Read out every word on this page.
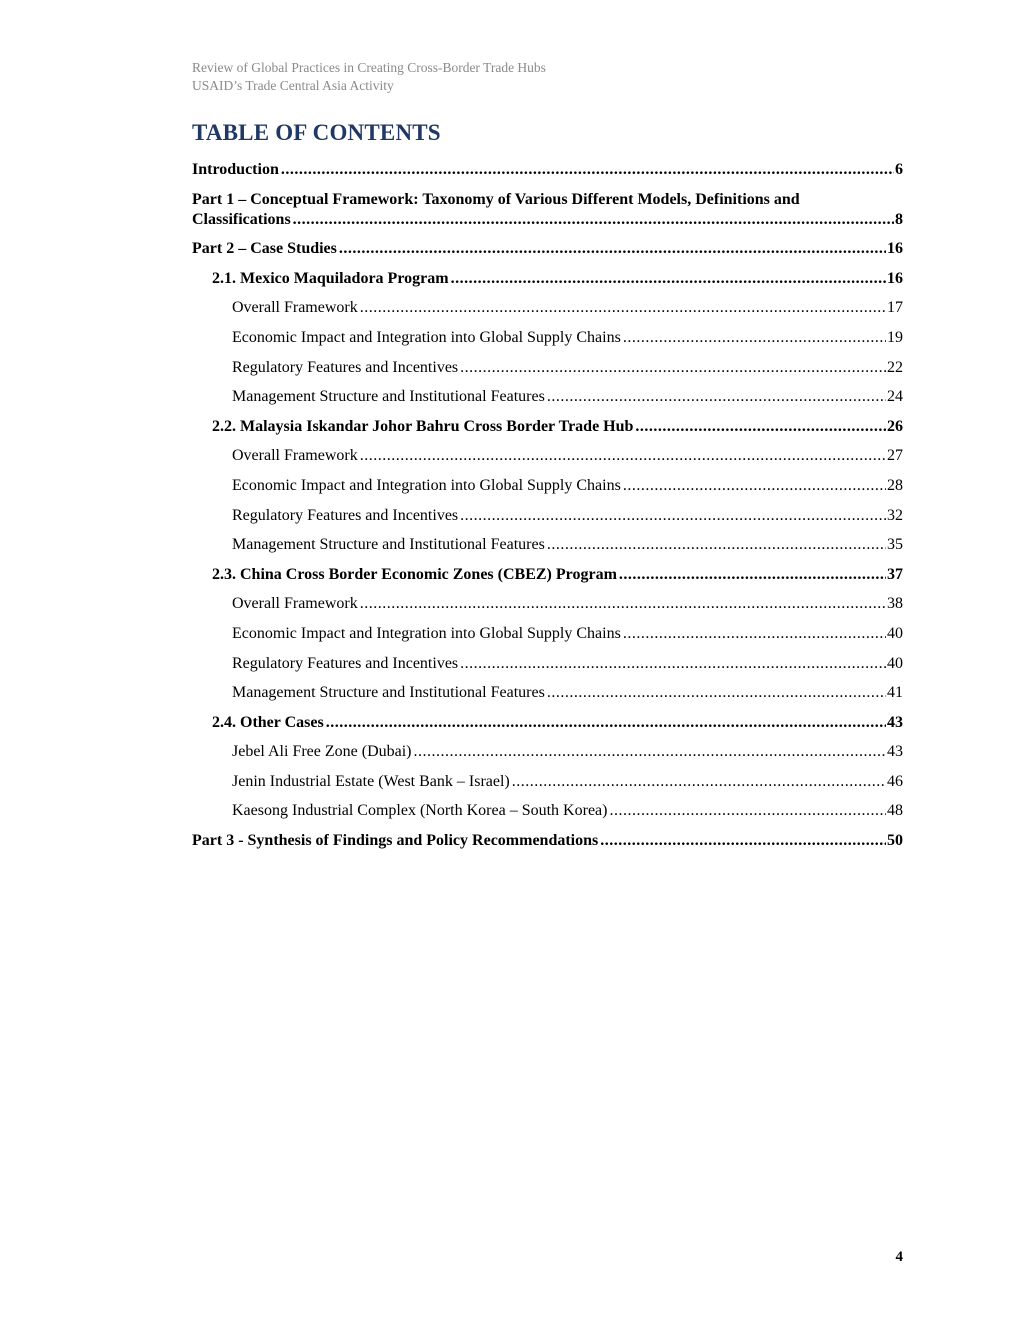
Review of Global Practices in Creating Cross-Border Trade Hubs
USAID’s Trade Central Asia Activity
TABLE OF CONTENTS
Introduction .....	6
Part 1 – Conceptual Framework: Taxonomy of Various Different Models, Definitions and
Classifications .....	8
Part 2 – Case Studies .....	16
2.1. Mexico Maquiladora Program .....	16
Overall Framework .....	17
Economic Impact and Integration into Global Supply Chains .....	19
Regulatory Features and Incentives .....	22
Management Structure and Institutional Features .....	24
2.2. Malaysia Iskandar Johor Bahru Cross Border Trade Hub .....	26
Overall Framework .....	27
Economic Impact and Integration into Global Supply Chains .....	28
Regulatory Features and Incentives .....	32
Management Structure and Institutional Features .....	35
2.3. China Cross Border Economic Zones (CBEZ) Program .....	37
Overall Framework .....	38
Economic Impact and Integration into Global Supply Chains .....	40
Regulatory Features and Incentives .....	40
Management Structure and Institutional Features .....	41
2.4. Other Cases .....	43
Jebel Ali Free Zone (Dubai) .....	43
Jenin Industrial Estate (West Bank – Israel) .....	46
Kaesong Industrial Complex (North Korea – South Korea) .....	48
Part 3 - Synthesis of Findings and Policy Recommendations .....	50
4
